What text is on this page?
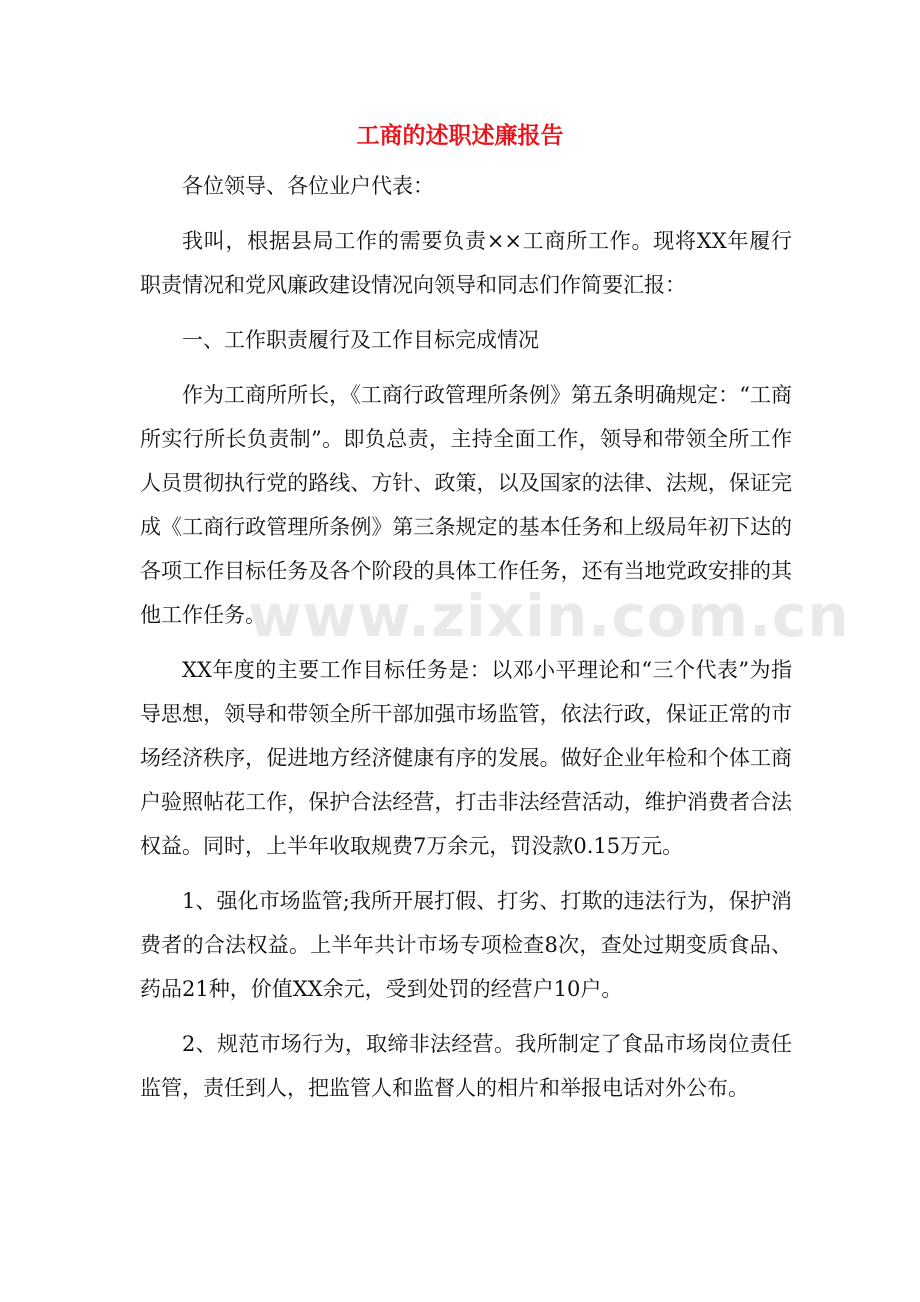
工商的述职述廉报告

各位领导、各位业户代表：

我叫，根据县局工作的需要负责××工商所工作。现将XX年履行职责情况和党风廉政建设情况向领导和同志们作简要汇报：

一、工作职责履行及工作目标完成情况

作为工商所所长，《工商行政管理所条例》第五条明确规定：“工商所实行所长负责制”。即负总责，主持全面工作，领导和带领全所工作人员贯彻执行党的路线、方针、政策，以及国家的法律、法规，保证完成《工商行政管理所条例》第三条规定的基本任务和上级局年初下达的各项工作目标任务及各个阶段的具体工作任务，还有当地党政安排的其他工作任务。

XX年度的主要工作目标任务是：以邓小平理论和“三个代表”为指导思想，领导和带领全所干部加强市场监管，依法行政，保证正常的市场经济秩序，促进地方经济健康有序的发展。做好企业年检和个体工商户验照帖花工作，保护合法经营，打击非法经营活动，维护消费者合法权益。同时，上半年收取规费7万余元，罚没款0.15万元。

1、强化市场监管;我所开展打假、打劣、打欺的违法行为，保护消费者的合法权益。上半年共计市场专项检查8次，查处过期变质食品、药品21种，价值XX余元，受到处罚的经营户10户。

2、规范市场行为，取缔非法经营。我所制定了食品市场岗位责任监管，责任到人，把监管人和监督人的相片和举报电话对外公布。

www.zixin.com.cn
